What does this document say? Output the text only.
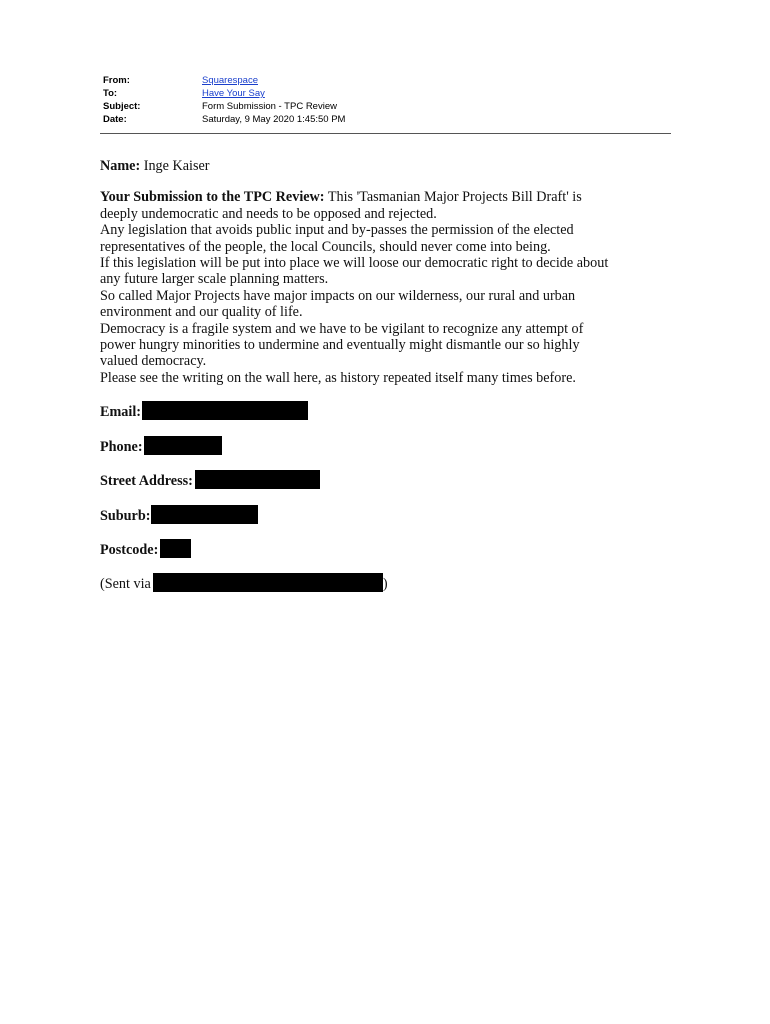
From:	Squarespace
To:	Have Your Say
Subject:	Form Submission - TPC Review
Date:	Saturday, 9 May 2020 1:45:50 PM
Name: Inge Kaiser
Your Submission to the TPC Review: This 'Tasmanian Major Projects Bill Draft' is
deeply undemocratic and needs to be opposed and rejected.
Any legislation that avoids public input and by-passes the permission of the elected
representatives of the people, the local Councils, should never come into being.
If this legislation will be put into place we will loose our democratic right to decide about
any future larger scale planning matters.
So called Major Projects have major impacts on our wilderness, our rural and urban
environment and our quality of life.
Democracy is a fragile system and we have to be vigilant to recognize any attempt of
power hungry minorities to undermine and eventually might dismantle our so highly
valued democracy.
Please see the writing on the wall here, as history repeated itself many times before.
Email:
Phone:
Street Address:
Suburb:
Postcode:
(Sent via	)
